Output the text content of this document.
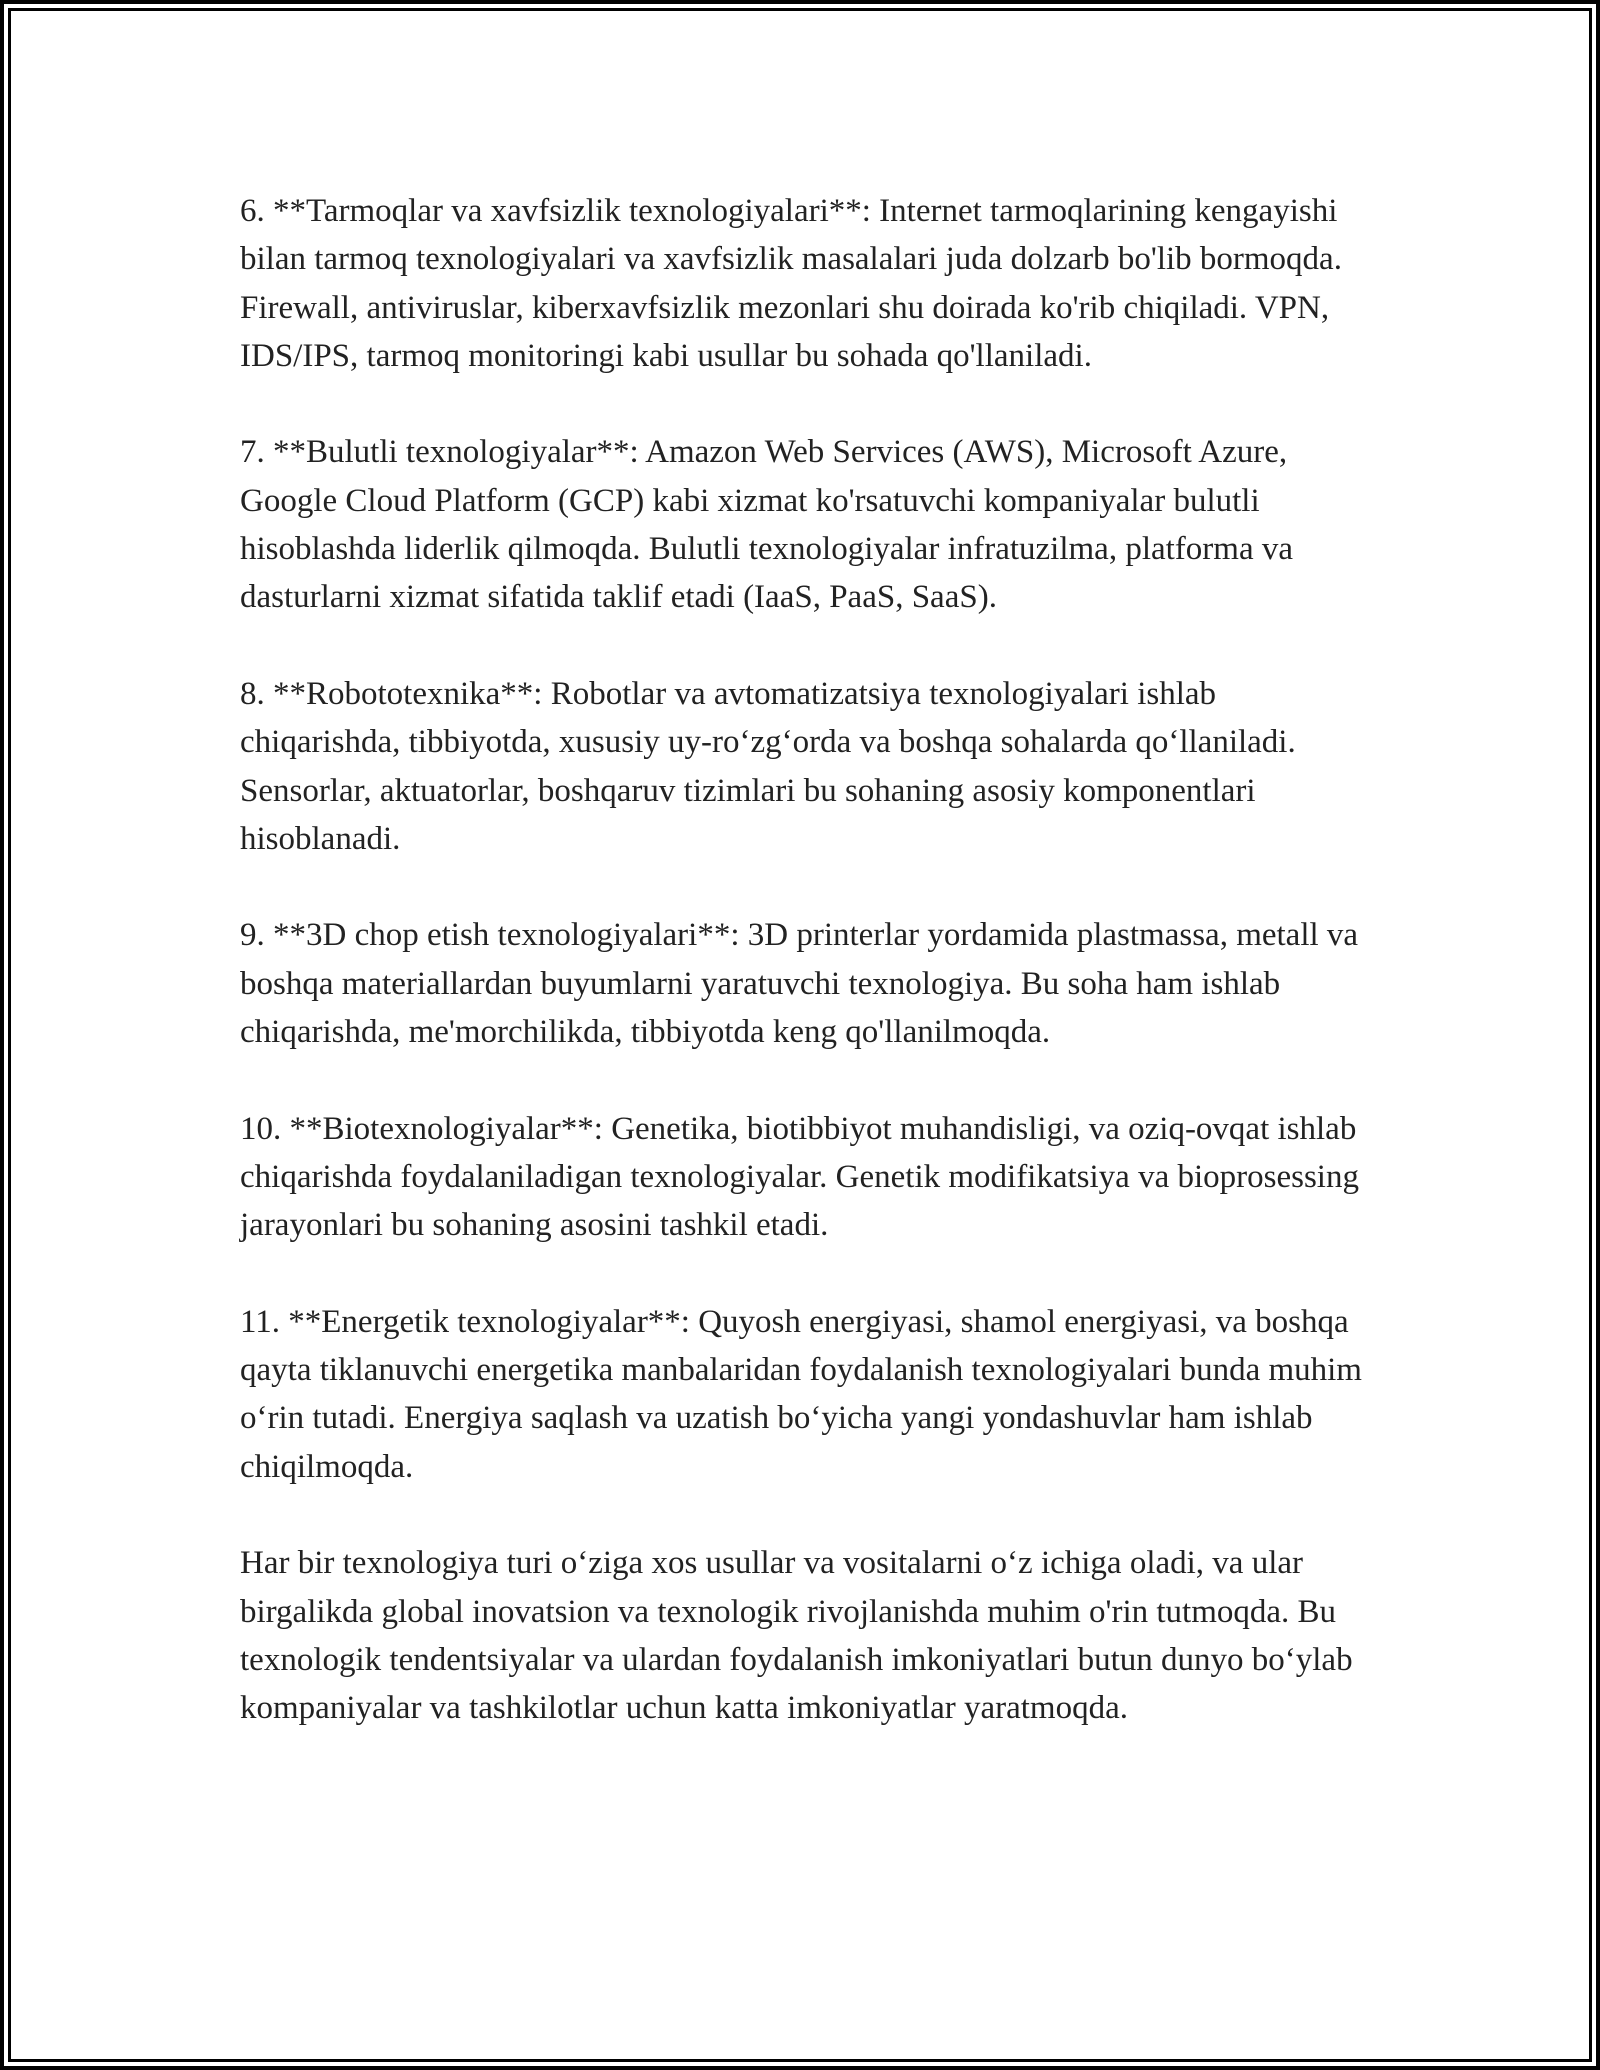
6. **Tarmoqlar va xavfsizlik texnologiyalari**: Internet tarmoqlarining kengayishi bilan tarmoq texnologiyalari va xavfsizlik masalalari juda dolzarb bo'lib bormoqda. Firewall, antiviruslar, kiberxavfsizlik mezonlari shu doirada ko'rib chiqiladi. VPN, IDS/IPS, tarmoq monitoringi kabi usullar bu sohada qo'llaniladi.

7. **Bulutli texnologiyalar**: Amazon Web Services (AWS), Microsoft Azure, Google Cloud Platform (GCP) kabi xizmat ko'rsatuvchi kompaniyalar bulutli hisoblashda liderlik qilmoqda. Bulutli texnologiyalar infratuzilma, platforma va dasturlarni xizmat sifatida taklif etadi (IaaS, PaaS, SaaS).

8. **Robototexnika**: Robotlar va avtomatizatsiya texnologiyalari ishlab chiqarishda, tibbiyotda, xususiy uy-ro‘zg‘orda va boshqa sohalarda qo‘llaniladi. Sensorlar, aktuatorlar, boshqaruv tizimlari bu sohaning asosiy komponentlari hisoblanadi.

9. **3D chop etish texnologiyalari**: 3D printerlar yordamida plastmassa, metall va boshqa materiallardan buyumlarni yaratuvchi texnologiya. Bu soha ham ishlab chiqarishda, me'morchilikda, tibbiyotda keng qo'llanilmoqda.

10. **Biotexnologiyalar**: Genetika, biotibbiyot muhandisligi, va oziq-ovqat ishlab chiqarishda foydalaniladigan texnologiyalar. Genetik modifikatsiya va bioprosessing jarayonlari bu sohaning asosini tashkil etadi.

11. **Energetik texnologiyalar**: Quyosh energiyasi, shamol energiyasi, va boshqa qayta tiklanuvchi energetika manbalaridan foydalanish texnologiyalari bunda muhim o‘rin tutadi. Energiya saqlash va uzatish bo‘yicha yangi yondashuvlar ham ishlab chiqilmoqda.

Har bir texnologiya turi o‘ziga xos usullar va vositalarni o‘z ichiga oladi, va ular birgalikda global inovatsion va texnologik rivojlanishda muhim o'rin tutmoqda. Bu texnologik tendentsiyalar va ulardan foydalanish imkoniyatlari butun dunyo bo‘ylab kompaniyalar va tashkilotlar uchun katta imkoniyatlar yaratmoqda.
